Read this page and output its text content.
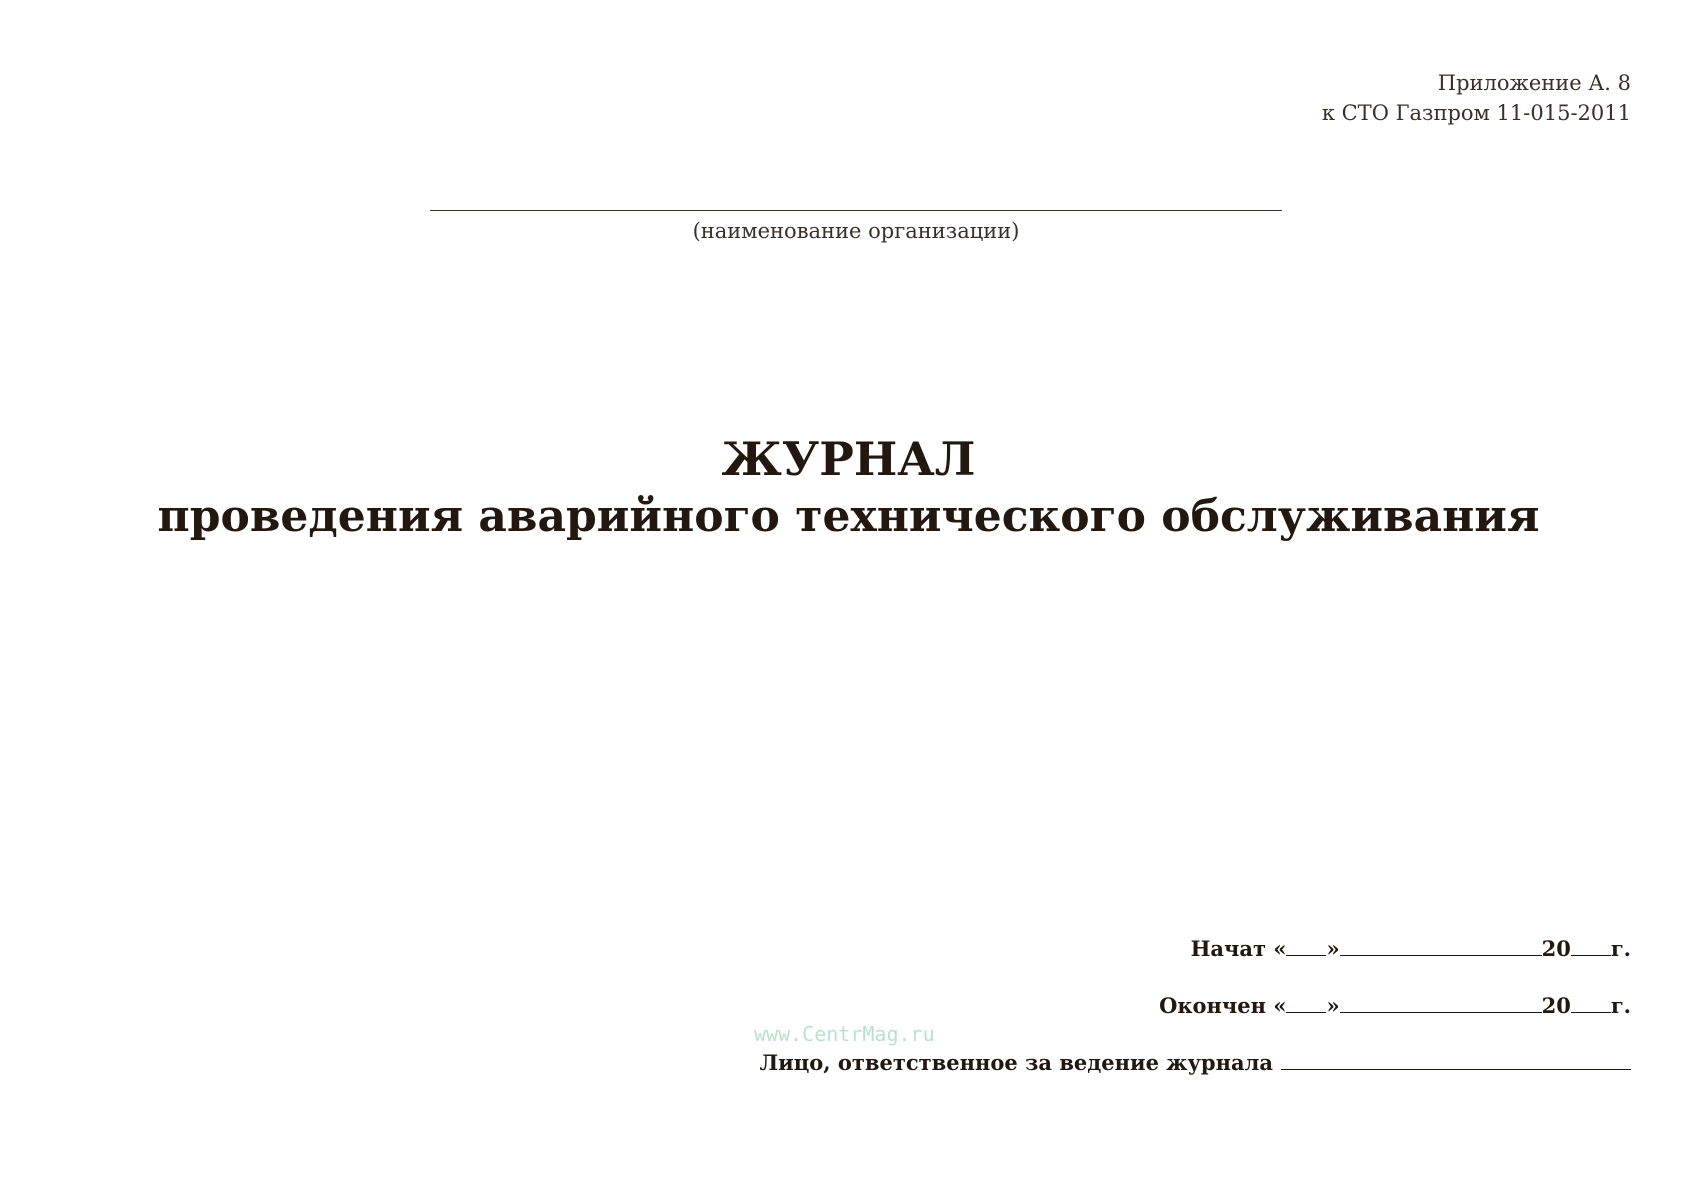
Приложение А. 8
к СТО Газпром 11-015-2011
(наименование организации)
ЖУРНАЛ
проведения аварийного технического обслуживания
Начат
« »	20 г.
Окончен
« »	20 г.
Лицо, ответственное за ведение журнала
www.CentrMag.ru
